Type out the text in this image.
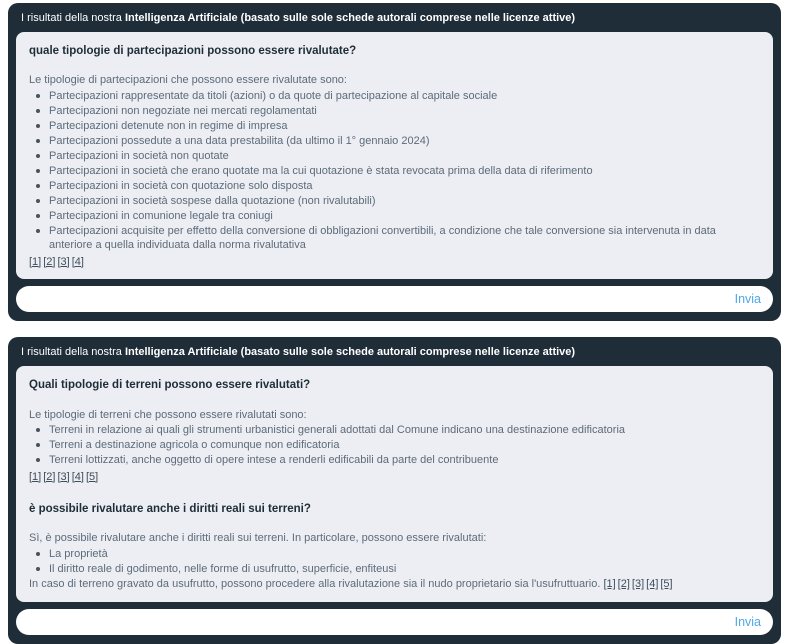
I risultati della nostra Intelligenza Artificiale (basato sulle sole schede autorali comprese nelle licenze attive)
quale tipologie di partecipazioni possono essere rivalutate?

Le tipologie di partecipazioni che possono essere rivalutate sono:

Partecipazioni rappresentate da titoli (azioni) o da quote di partecipazione al capitale sociale
Partecipazioni non negoziate nei mercati regolamentati
Partecipazioni detenute non in regime di impresa
Partecipazioni possedute a una data prestabilita (da ultimo il 1° gennaio 2024)
Partecipazioni in società non quotate
Partecipazioni in società che erano quotate ma la cui quotazione è stata revocata prima della data di riferimento
Partecipazioni in società con quotazione solo disposta
Partecipazioni in società sospese dalla quotazione (non rivalutabili)
Partecipazioni in comunione legale tra coniugi
Partecipazioni acquisite per effetto della conversione di obbligazioni convertibili, a condizione che tale conversione sia intervenuta in data anteriore a quella individuata dalla norma rivalutativa
[1] [2] [3] [4]
Invia
I risultati della nostra Intelligenza Artificiale (basato sulle sole schede autorali comprese nelle licenze attive)
Quali tipologie di terreni possono essere rivalutati?

Le tipologie di terreni che possono essere rivalutati sono:

Terreni in relazione ai quali gli strumenti urbanistici generali adottati dal Comune indicano una destinazione edificatoria
Terreni a destinazione agricola o comunque non edificatoria
Terreni lottizzati, anche oggetto di opere intese a renderli edificabili da parte del contribuente
[1] [2] [3] [4] [5]
è possibile rivalutare anche i diritti reali sui terreni?

Sì, è possibile rivalutare anche i diritti reali sui terreni. In particolare, possono essere rivalutati:

La proprietà
Il diritto reale di godimento, nelle forme di usufrutto, superficie, enfiteusi

In caso di terreno gravato da usufrutto, possono procedere alla rivalutazione sia il nudo proprietario sia l'usufruttuario. [1] [2] [3] [4] [5]

Invia
